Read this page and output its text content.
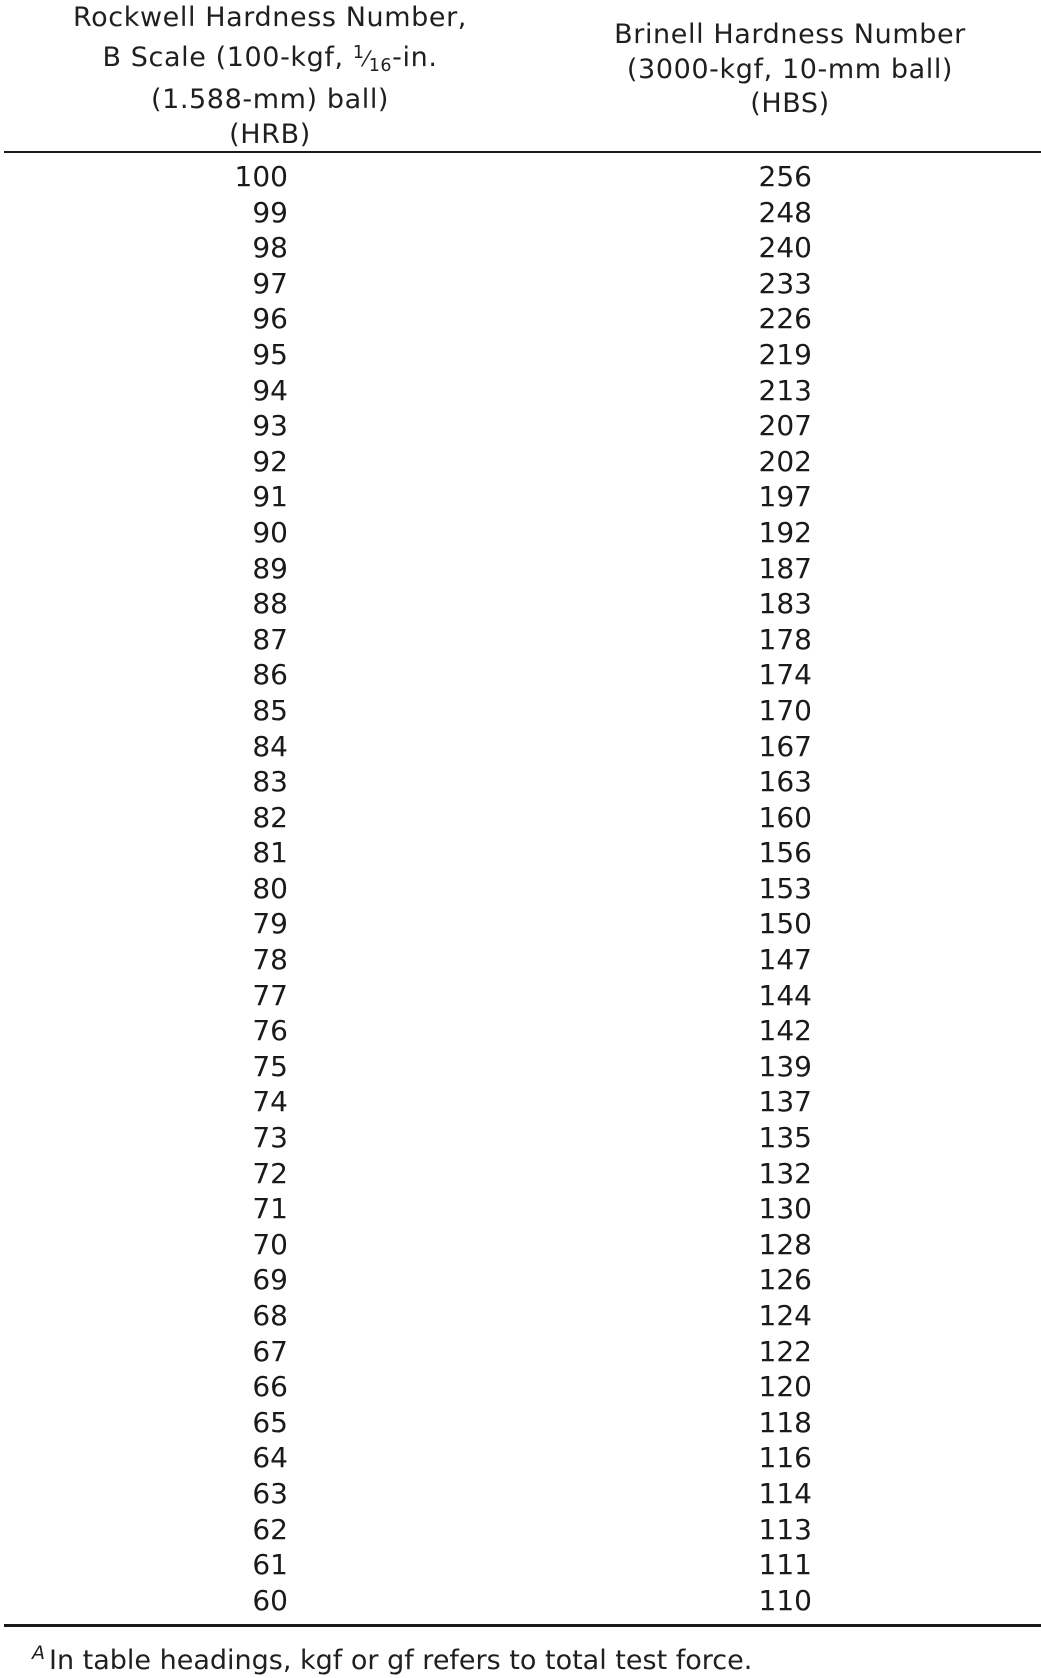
Rockwell Hardness Number,
B Scale (100-kgf, $^1⁄_{16}-in$.
(1.588-mm) ball)
(HRB)
Brinell Hardness Number
(3000-kgf, 10-mm ball)
(HBS)
100	256
99	248
98	240
97	233
96	226
95	219
94	213
93	207
92	202
91	197
90	192
89	187
88	183
87	178
86	174
85	170
84	167
83	163
82	160
81	156
80	153
79	150
78	147
77	144
76	142
75	139
74	137
73	135
72	132
71	130
70	128
69	126
68	124
67	122
66	120
65	118
64	116
63	114
62	113
61	111
60	110
$^A$ In table headings, kgf or gf refers to total test force.
